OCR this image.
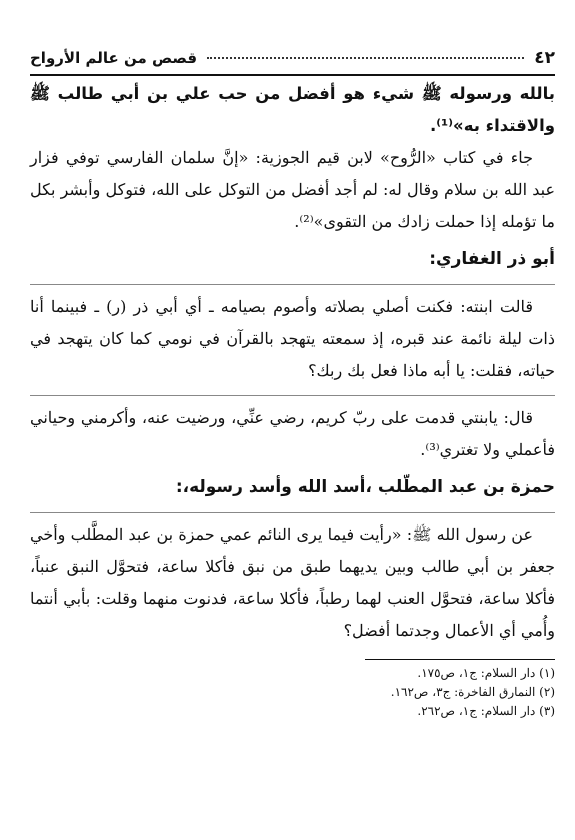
٤٢
قصص من عالم الأرواح

بالله ورسوله ﷺ شيء هو أفضل من حب علي بن أبي طالب ﷺ والاقتداء به»⁽¹⁾.

جاء في كتاب «الرُّوح» لابن قيم الجوزية: «إنَّ سلمان الفارسي توفي فزار عبد الله بن سلام وقال له: لم أجد أفضل من التوكل على الله، فتوكل وأبشر بكل ما تؤمله إذا حملت زادك من التقوى»⁽²⁾.

أبو ذر الغفاري:

قالت ابنته: فكنت أصلي بصلاته وأصوم بصيامه ـ أي أبي ذر (ر) ـ فبينما أنا ذات ليلة نائمة عند قبره، إذ سمعته يتهجد بالقرآن في نومي كما كان يتهجد في حياته، فقلت: يا أبه ماذا فعل بك ربك؟

قال: يابنتي قدمت على ربّ كريم، رضي عنِّي، ورضيت عنه، وأكرمني وحياني فأعملي ولا تغتري⁽³⁾.

حمزة بن عبد المطّلب ،أسد الله وأسد رسوله،:

عن رسول الله ﷺ: «رأيت فيما يرى النائم عمي حمزة بن عبد المطَّلب وأخي جعفر بن أبي طالب وبين يديهما طبق من نبق فأكلا ساعة، فتحوَّل النبق عنباً، فأكلا ساعة، فتحوَّل العنب لهما رطباً، فأكلا ساعة، فدنوت منهما وقلت: بأبي أنتما وأُمي أي الأعمال وجدتما أفضل؟

(١) دار السلام: ج١، ص١٧٥.
(٢) النمارق الفاخرة: ج٣، ص١٦٢.
(٣) دار السلام: ج١، ص٢٦٢.
